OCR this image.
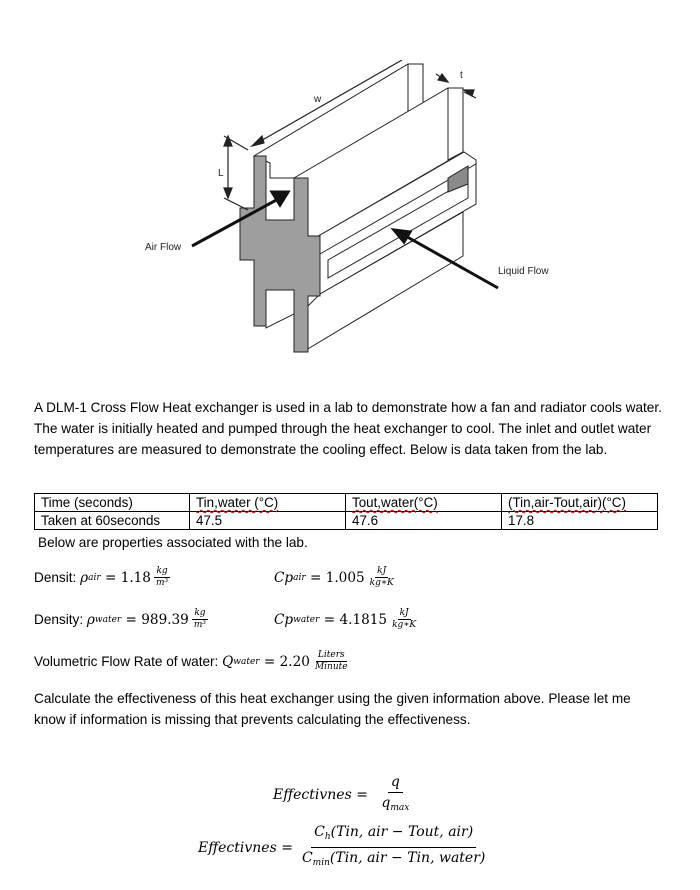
w
t
L
Air Flow
Liquid Flow
A DLM-1 Cross Flow Heat exchanger is used in a lab to demonstrate how a fan and radiator cools water. The water is initially heated and pumped through the heat exchanger to cool. The inlet and outlet water temperatures are measured to demonstrate the cooling effect. Below is data taken from the lab.
Time (seconds)	Tin,water (°C)	Tout,water(°C)	(Tin,air-Tout,air)(°C)
Taken at 60seconds	47.5	47.6	17.8
Below are properties associated with the lab.
Densit:
ρ air = $1.18 \frac{kg}{\text{m³}}$	Cp air = $1.005 \frac{kJ}{kg∗K}$
Density:
ρ water = $989.39 \frac{kg}{\text{m³}}$	Cp water = $4.1815 \frac{kJ}{kg∗K}$
Volumetric Flow Rate of water:
Q water = $2.20 \frac{\text{Liters}}{\text{Minute}}$
Calculate the effectiveness of this heat exchanger using the given information above. Please let me know if information is missing that prevents calculating the effectiveness.
Effectivnes =
q
$q_{max}$
Effectivnes =
$C_h(Tin$, air − Tout, air)
$C_{min}(Tin$, air − Tin, water)
